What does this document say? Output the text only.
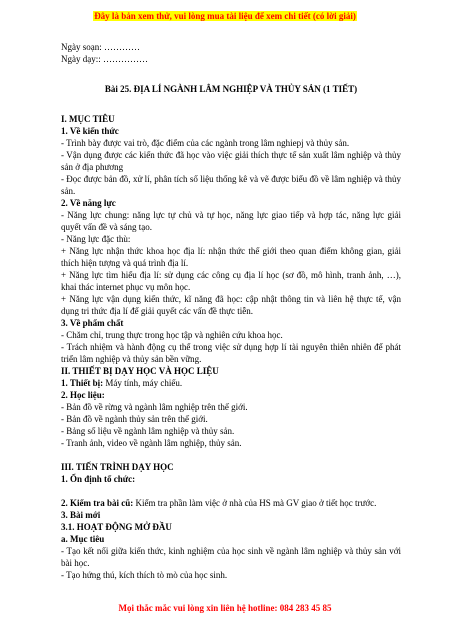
Đây là bản xem thử, vui lòng mua tài liệu để xem chi tiết (có lời giải)

Ngày soạn: …………

Ngày dạy:: ……………

Bài 25. ĐỊA LÍ NGÀNH LÂM NGHIỆP VÀ THỦY SẢN (1 TIẾT)

I. MỤC TIÊU

1. Về kiến thức

- Trình bày được vai trò, đặc điểm của các ngành trong lâm nghiepj và thủy sản.

- Vận dụng được các kiến thức đã học vào việc giải thích thực tế sản xuất lâm nghiệp và thủy sản ở địa phương

- Đọc được bản đồ, xử lí, phân tích số liệu thống kê và vẽ được biểu đồ về lâm nghiệp và thủy sản.

2. Về năng lực

- Năng lực chung: năng lực tự chủ và tự học, năng lực giao tiếp và hợp tác, năng lực giải quyết vấn đề và sáng tạo.

- Năng lực đặc thù:

+ Năng lực nhận thức khoa học địa lí: nhận thức thế giới theo quan điểm không gian, giải thích hiện tượng và quá trình địa lí.

+ Năng lực tìm hiểu địa lí: sử dụng các công cụ địa lí học (sơ đồ, mô hình, tranh ảnh, …), khai thác internet phục vụ môn học.

+ Năng lực vận dụng kiến thức, kĩ năng đã học: cập nhật thông tin và liên hệ thực tế, vận dụng tri thức địa lí để giải quyết các vấn đề thực tiễn.

3. Về phẩm chất

- Chăm chỉ, trung thực trong học tập và nghiên cứu khoa học.

- Trách nhiệm và hành động cụ thể trong việc sử dụng hợp lí tài nguyên thiên nhiên để phát triển lâm nghiệp và thủy sản bền vững.

II. THIẾT BỊ DẠY HỌC VÀ HỌC LIỆU

1. Thiết bị: Máy tính, máy chiếu.

2. Học liệu:

- Bản đồ về rừng và ngành lâm nghiệp trên thế giới.

- Bản đồ về ngành thủy sản trên thế giới.

- Bảng số liệu về ngành lâm nghiệp và thủy sản.

- Tranh ảnh, video về ngành lâm nghiệp, thủy sản.

III. TIẾN TRÌNH DẠY HỌC

1. Ổn định tổ chức:

2. Kiểm tra bài cũ: Kiểm tra phần làm việc ở nhà của HS mà GV giao ở tiết học trước.

3. Bài mới

3.1. HOẠT ĐỘNG MỞ ĐẦU

a. Mục tiêu

- Tạo kết nối giữa kiến thức, kinh nghiệm của học sinh về ngành lâm nghiệp và thủy sản với bài học.

- Tạo hứng thú, kích thích tò mò của học sinh.

Mọi thắc mắc vui lòng xin liên hệ hotline: 084 283 45 85
